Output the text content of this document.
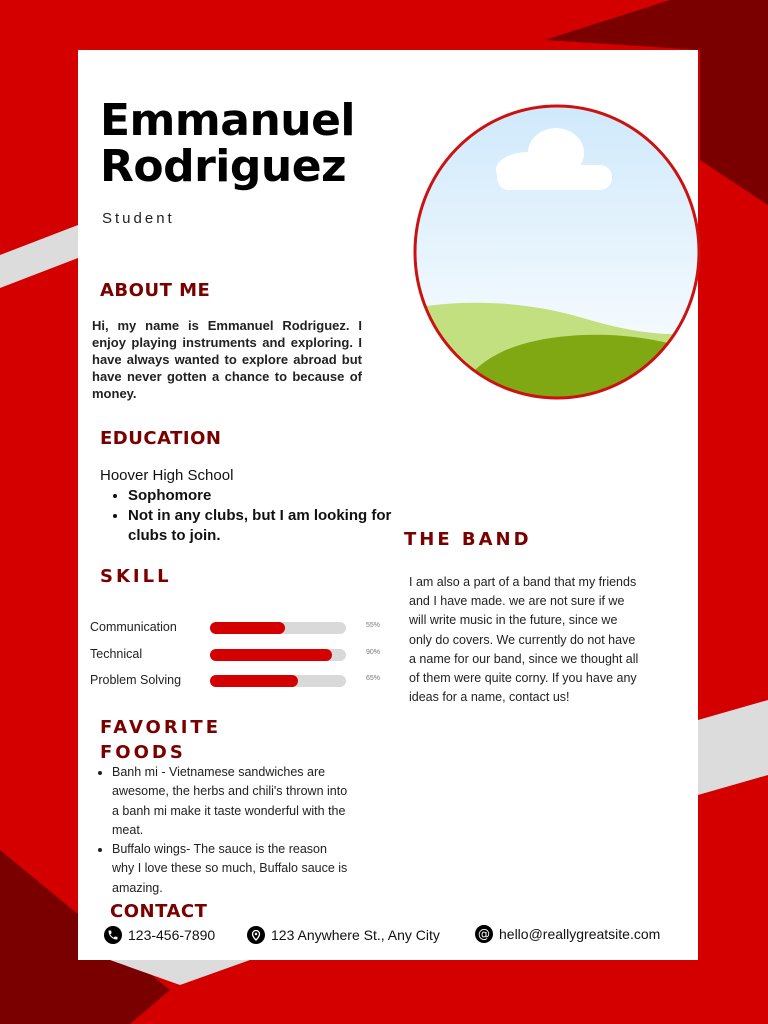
Emmanuel
Rodriguez
Student
ABOUT ME
Hi, my name is Emmanuel Rodriguez. I enjoy playing instruments and exploring. I have always wanted to explore abroad but have never gotten a chance to because of money.
EDUCATION
Hoover High School
• Sophomore
• Not in any clubs, but I am looking for clubs to join.
SKILL
Communication	55%
Technical	90%
Problem Solving	65%
FAVORITE
FOODS
• Banh mi - Vietnamese sandwiches are awesome, the herbs and chili's thrown into a banh mi make it taste wonderful with the meat.
• Buffalo wings- The sauce is the reason why I love these so much, Buffalo sauce is amazing.
THE BAND
I am also a part of a band that my friends and I have made. we are not sure if we will write music in the future, since we only do covers. We currently do not have a name for our band, since we thought all of them were quite corny. If you have any ideas for a name, contact us!
CONTACT
123-456-7890	123 Anywhere St., Any City	@ hello@reallygreatsite.com
